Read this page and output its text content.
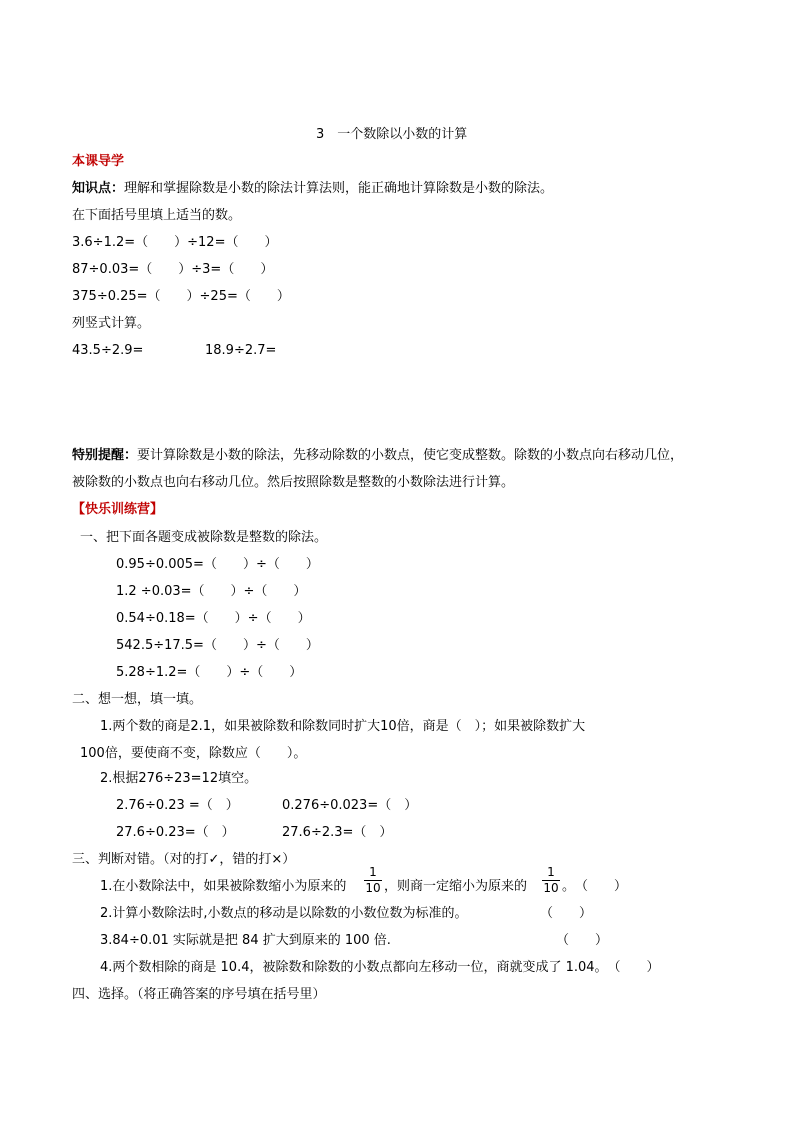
3　一个数除以小数的计算
本课导学
知识点：理解和掌握除数是小数的除法计算法则，能正确地计算除数是小数的除法。
在下面括号里填上适当的数。
3.6÷1.2=（　　）÷12=（　　）
87÷0.03=（　　）÷3=（　　）
375÷0.25=（　　）÷25=（　　）
列竖式计算。
43.5÷2.9=	18.9÷2.7=
特别提醒：要计算除数是小数的除法，先移动除数的小数点，使它变成整数。除数的小数点向右移动几位，
被除数的小数点也向右移动几位。然后按照除数是整数的小数除法进行计算。
【快乐训练营】
一、把下面各题变成被除数是整数的除法。
0.95÷0.005=（　　）÷（　　）
1.2 ÷0.03=（　　）÷（　　）
0.54÷0.18=（　　）÷（　　）
542.5÷17.5=（　　）÷（　　）
5.28÷1.2=（　　）÷（　　）
二、想一想，填一填。
1.两个数的商是2.1，如果被除数和除数同时扩大10倍，商是（　）；如果被除数扩大
100倍，要使商不变，除数应（　　）。
2.根据276÷23=12填空。
2.76÷0.23 =（　）	0.276÷0.023=（　）
27.6÷0.23=（　）	27.6÷2.3=（　）
三、判断对错。（对的打✓，错的打×）
1.在小数除法中，如果被除数缩小为原来的
1
10 ，则商一定缩小为原来的
1
10 。　（　　）
2.计算小数除法时,小数点的移动是以除数的小数位数为标准的。	（　　）
3.84÷0.01 实际就是把 84 扩大到原来的 100 倍.	（　　）
4.两个数相除的商是 10.4，被除数和除数的小数点都向左移动一位，商就变成了 1.04。　（　　）
四、选择。（将正确答案的序号填在括号里）
